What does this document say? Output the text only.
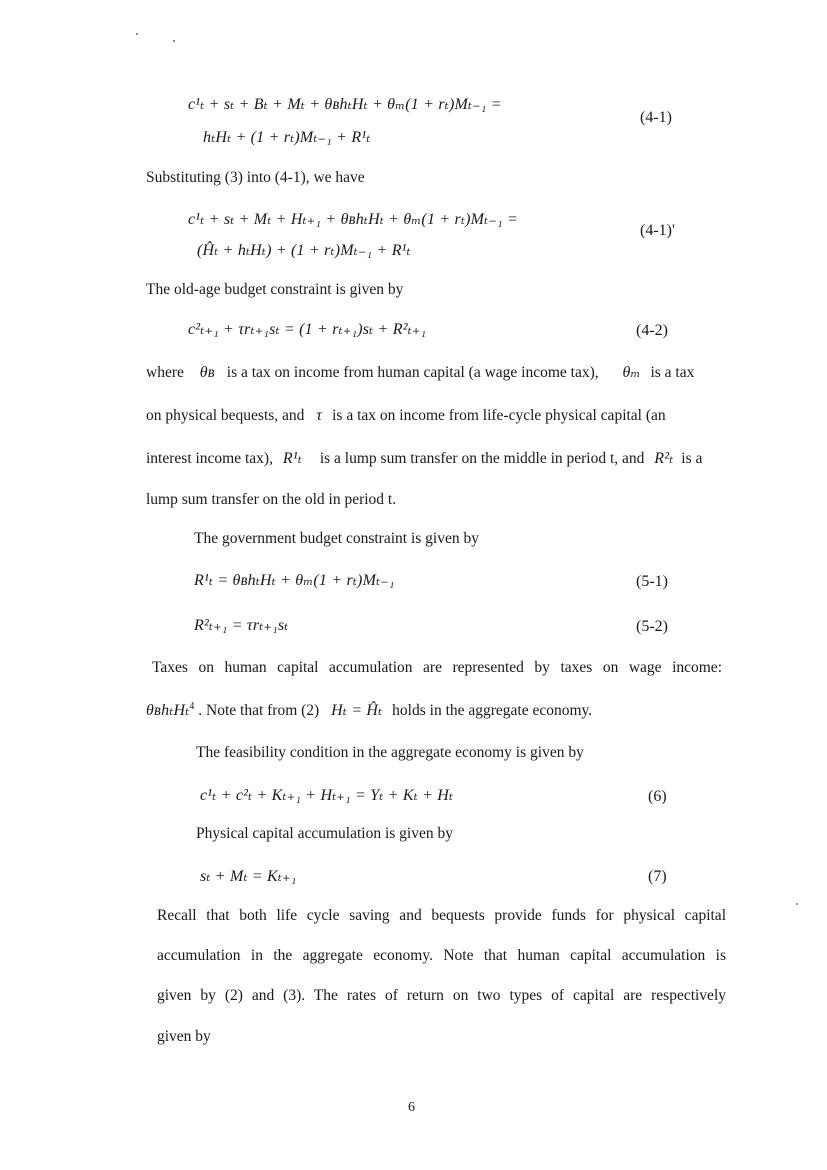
c¹ₜ + sₜ + Bₜ + Mₜ + θʙhₜHₜ + θₘ(1 + rₜ)Mₜ₋₁ =
hₜHₜ + (1 + rₜ)Mₜ₋₁ + R¹ₜ
(4-1)
Substituting (3) into (4-1), we have
c¹ₜ + sₜ + Mₜ + Hₜ₊₁ + θʙhₜHₜ + θₘ(1 + rₜ)Mₜ₋₁ =
(Ĥₜ + hₜHₜ) + (1 + rₜ)Mₜ₋₁ + R¹ₜ
(4-1)'
The old-age budget constraint is given by
c²ₜ₊₁ + τrₜ₊₁sₜ = (1 + rₜ₊₁)sₜ + R²ₜ₊₁	(4-2)
where θʙ is a tax on income from human capital (a wage income tax), θₘ is a tax
on physical bequests, and τ is a tax on income from life-cycle physical capital (an
interest income tax), R¹ₜ is a lump sum transfer on the middle in period t, and R²ₜ is a
lump sum transfer on the old in period t.
The government budget constraint is given by
R¹ₜ = θʙhₜHₜ + θₘ(1 + rₜ)Mₜ₋₁	(5-1)
R²ₜ₊₁ = τrₜ₊₁sₜ	(5-2)
Taxes on human capital accumulation are represented by taxes on wage income:
θʙhₜHₜ$^4$ . Note that from (2) Hₜ = Ĥₜ holds in the aggregate economy.
The feasibility condition in the aggregate economy is given by
c¹ₜ + c²ₜ + Kₜ₊₁ + Hₜ₊₁ = Yₜ + Kₜ + Hₜ	(6)
Physical capital accumulation is given by
sₜ + Mₜ = Kₜ₊₁	(7)
Recall that both life cycle saving and bequests provide funds for physical capital
accumulation in the aggregate economy. Note that human capital accumulation is
given by (2) and (3). The rates of return on two types of capital are respectively
given by
6
